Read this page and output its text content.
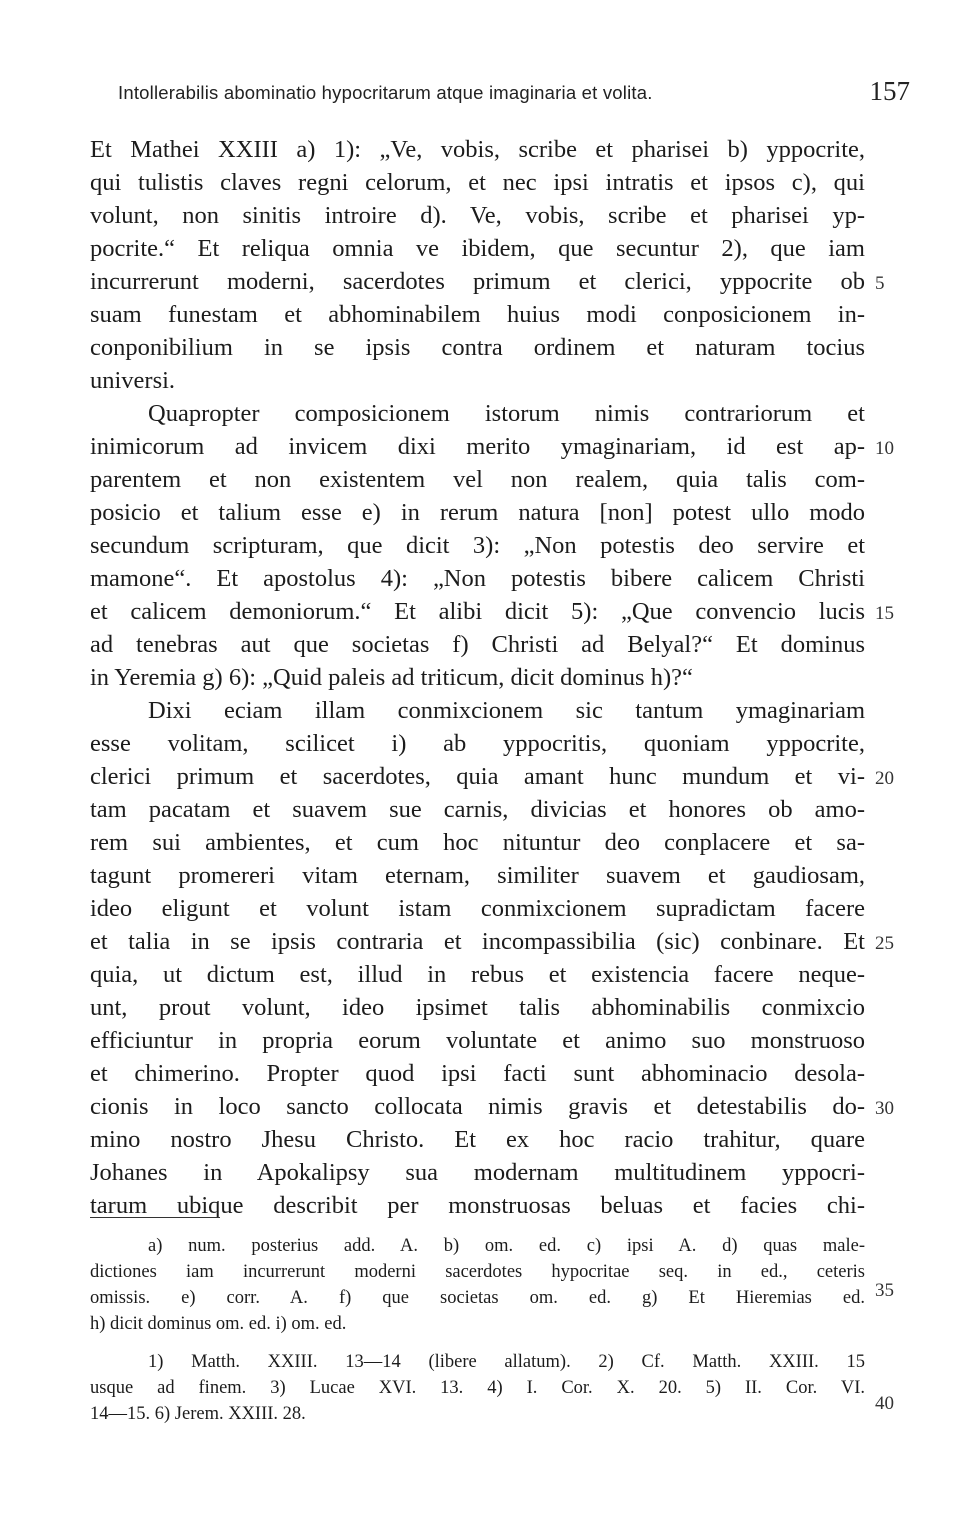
Intollerabilis abominatio hypocritarum atque imaginaria et volita.	157
Et Mathei XXIII a) 1): „Ve, vobis, scribe et pharisei b) yppocrite,
qui tulistis claves regni celorum, et nec ipsi intratis et ipsos c), qui
volunt, non sinitis introire d). Ve, vobis, scribe et pharisei yp-
pocrite.“ Et reliqua omnia ve ibidem, que secuntur 2), que iam
incurrerunt moderni, sacerdotes primum et clerici, yppocrite ob
suam funestam et abhominabilem huius modi conposicionem in-
conponibilium in se ipsis contra ordinem et naturam tocius
universi.
Quapropter composicionem istorum nimis contrariorum et
inimicorum ad invicem dixi merito ymaginariam, id est ap-
parentem et non existentem vel non realem, quia talis com-
posicio et talium esse e) in rerum natura [non] potest ullo modo
secundum scripturam, que dicit 3): „Non potestis deo servire et
mamone“. Et apostolus 4): „Non potestis bibere calicem Christi
et calicem demoniorum.“ Et alibi dicit 5): „Que convencio lucis
ad tenebras aut que societas f) Christi ad Belyal?“ Et dominus
in Yeremia g) 6): „Quid paleis ad triticum, dicit dominus h)?“
Dixi eciam illam conmixcionem sic tantum ymaginariam
esse volitam, scilicet i) ab yppocritis, quoniam yppocrite,
clerici primum et sacerdotes, quia amant hunc mundum et vi-
tam pacatam et suavem sue carnis, divicias et honores ob amo-
rem sui ambientes, et cum hoc nituntur deo conplacere et sa-
tagunt promereri vitam eternam, similiter suavem et gaudiosam,
ideo eligunt et volunt istam conmixcionem supradictam facere
et talia in se ipsis contraria et incompassibilia (sic) conbinare. Et
quia, ut dictum est, illud in rebus et existencia facere neque-
unt, prout volunt, ideo ipsimet talis abhominabilis conmixcio
efficiuntur in propria eorum voluntate et animo suo monstruoso
et chimerino. Propter quod ipsi facti sunt abhominacio desola-
cionis in loco sancto collocata nimis gravis et detestabilis do-
mino nostro Jhesu Christo. Et ex hoc racio trahitur, quare
Johanes in Apokalipsy sua modernam multitudinem yppocri-
tarum ubique describit per monstruosas beluas et facies chi-
5
10
15
20
25
30
35
40
a) num. posterius add. A. b) om. ed. c) ipsi A. d) quas male-
dictiones iam incurrerunt moderni sacerdotes hypocritae seq. in ed., ceteris
omissis. e) corr. A. f) que societas om. ed. g) Et Hieremias ed.
h) dicit dominus om. ed. i) om. ed.
1) Matth. XXIII. 13—14 (libere allatum). 2) Cf. Matth. XXIII. 15
usque ad finem. 3) Lucae XVI. 13. 4) I. Cor. X. 20. 5) II. Cor. VI.
14—15. 6) Jerem. XXIII. 28.
